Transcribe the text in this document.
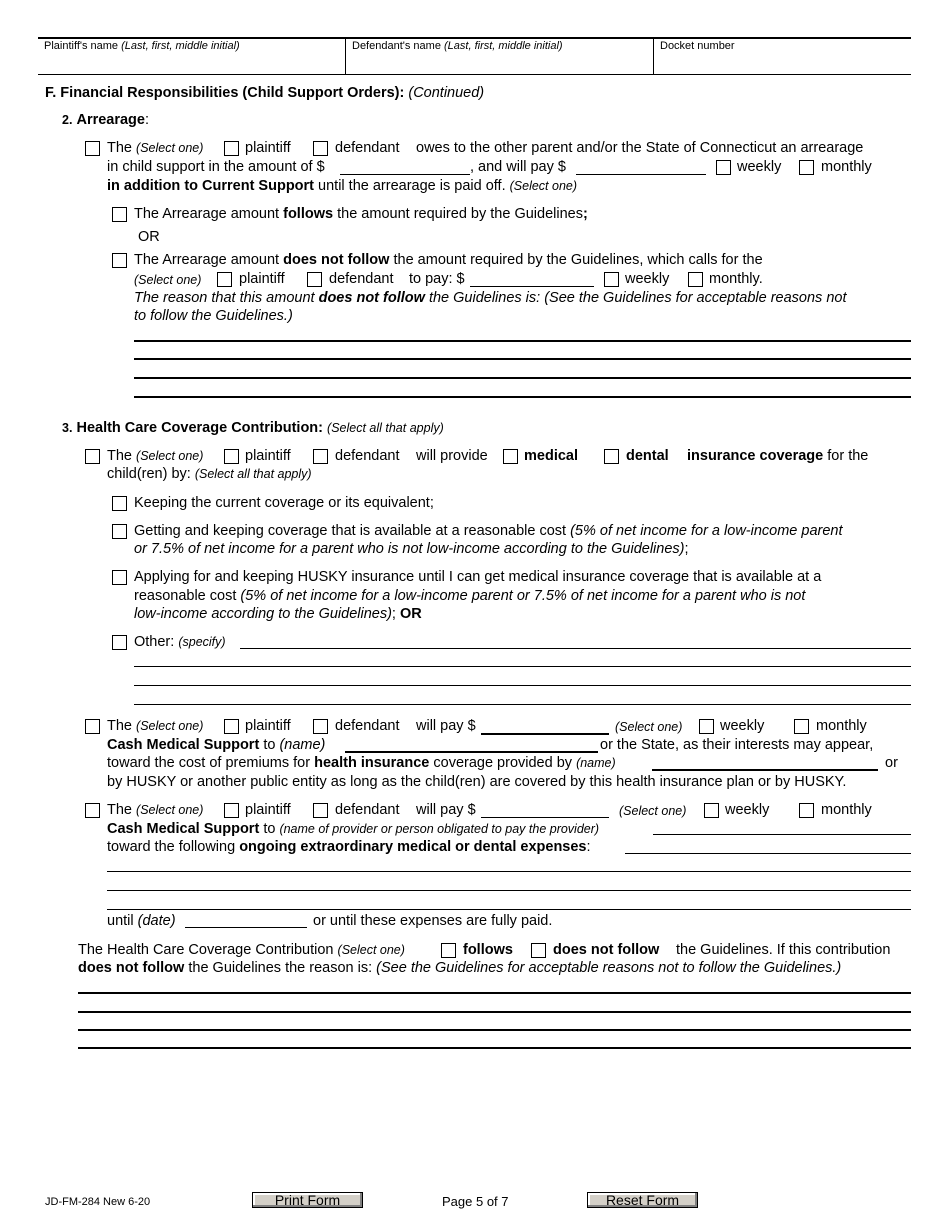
Plaintiff's name (Last, first, middle initial)	Defendant's name (Last, first, middle initial)	Docket number
F. Financial Responsibilities (Child Support Orders): (Continued)
2. Arrearage:
The (Select one)	plaintiff	defendant owes to the other parent and/or the State of Connecticut an arrearage
in child support in the amount of $	, and will pay $	weekly	monthly
in addition to Current Support until the arrearage is paid off. (Select one)
The Arrearage amount follows the amount required by the Guidelines;
OR
The Arrearage amount does not follow the amount required by the Guidelines, which calls for the
(Select one)	plaintiff	defendant to pay: $	weekly	monthly.
The reason that this amount does not follow the Guidelines is: (See the Guidelines for acceptable reasons not
to follow the Guidelines.)
3. Health Care Coverage Contribution: (Select all that apply)
The (Select one)	plaintiff	defendant will provide	medical	dental insurance coverage for the
child(ren) by: (Select all that apply)
Keeping the current coverage or its equivalent;
Getting and keeping coverage that is available at a reasonable cost (5% of net income for a low-income parent
or 7.5% of net income for a parent who is not low-income according to the Guidelines);
Applying for and keeping HUSKY insurance until I can get medical insurance coverage that is available at a
reasonable cost (5% of net income for a low-income parent or 7.5% of net income for a parent who is not
low-income according to the Guidelines); OR
Other: (specify)
The (Select one)	plaintiff	defendant will pay $	(Select one)	weekly	monthly
Cash Medical Support to (name)	or the State, as their interests may appear,
toward the cost of premiums for health insurance coverage provided by (name)	or
by HUSKY or another public entity as long as the child(ren) are covered by this health insurance plan or by HUSKY.
The (Select one)	plaintiff	defendant will pay $	(Select one)	weekly	monthly
Cash Medical Support to (name of provider or person obligated to pay the provider)
toward the following ongoing extraordinary medical or dental expenses:
until (date)	or until these expenses are fully paid.
The Health Care Coverage Contribution (Select one)	follows	does not follow the Guidelines. If this contribution
does not follow the Guidelines the reason is: (See the Guidelines for acceptable reasons not to follow the Guidelines.)
JD-FM-284 New 6-20	Print Form	Page 5 of 7	Reset Form
